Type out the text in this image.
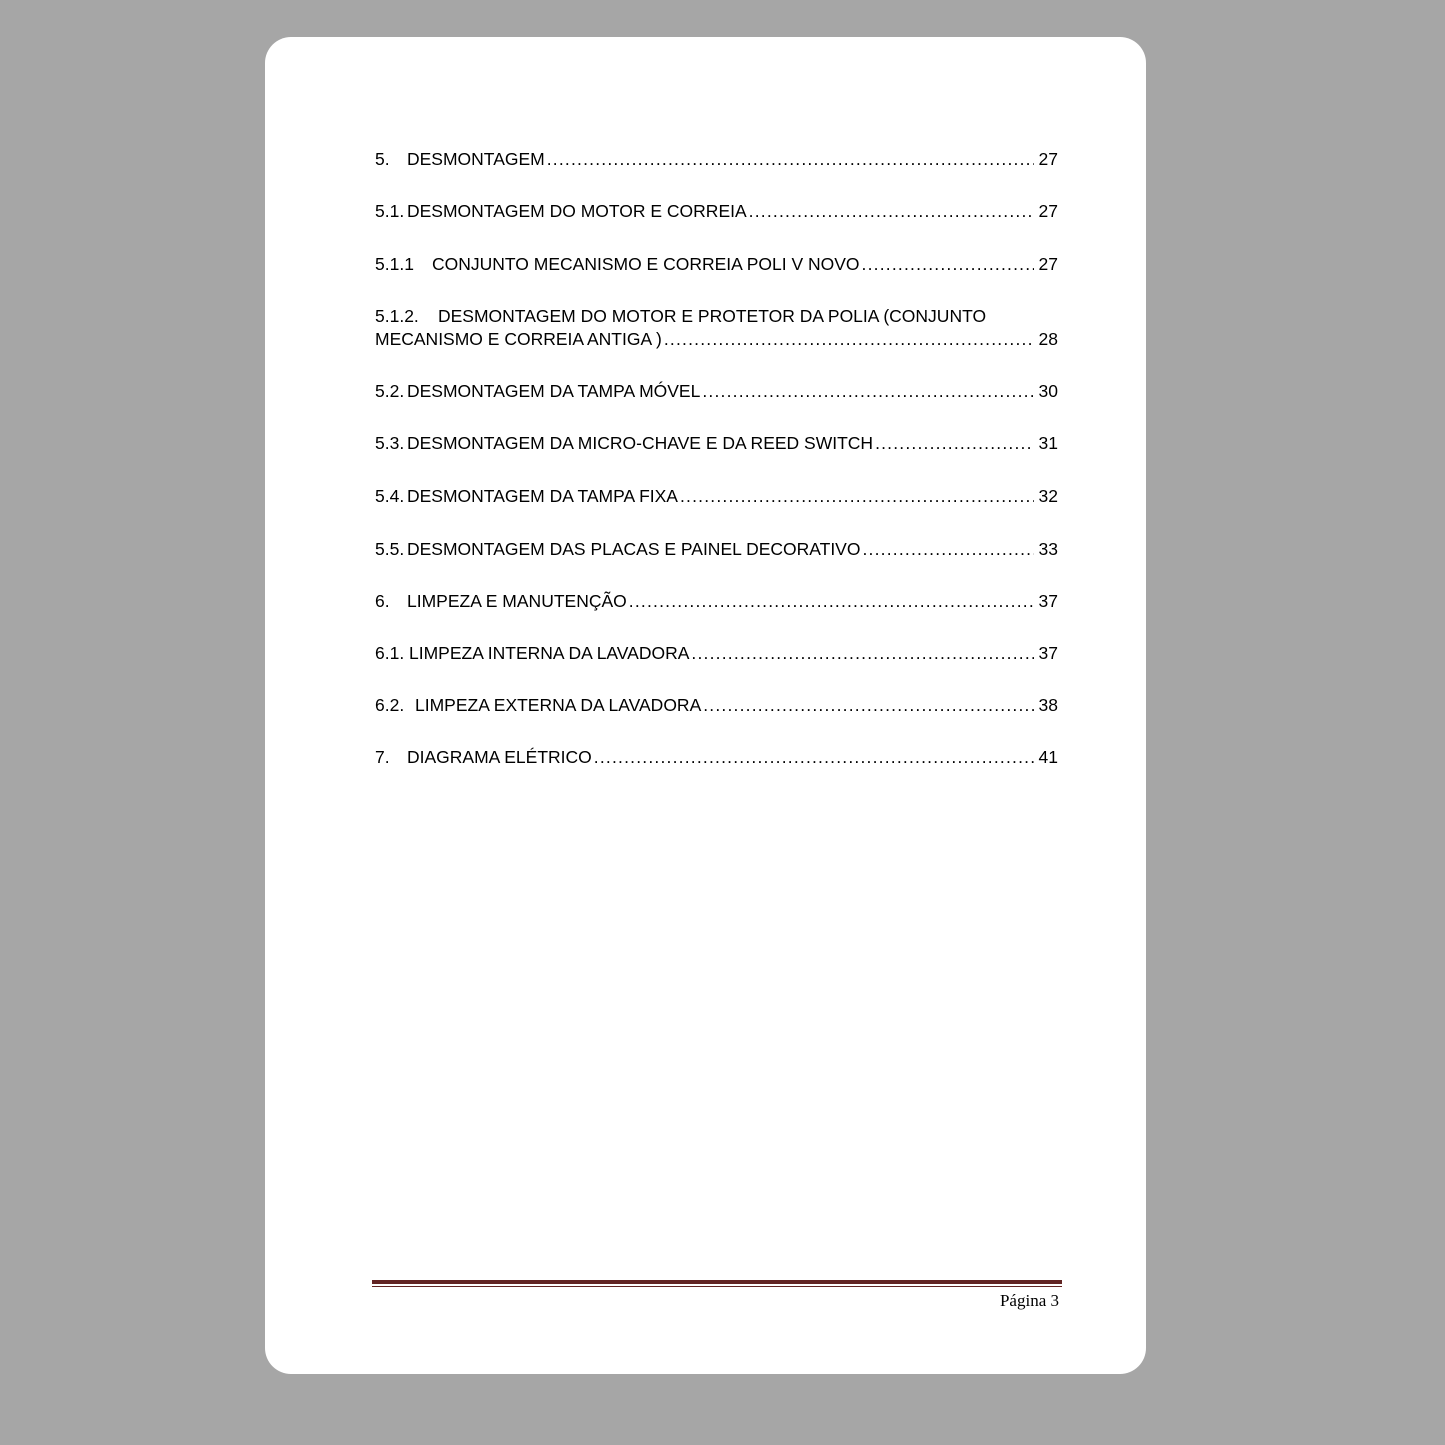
5. DESMONTAGEM .....	27
5.1. DESMONTAGEM DO MOTOR E CORREIA .....	27
5.1.1	CONJUNTO MECANISMO E CORREIA POLI V NOVO .....	27
5.1.2.	DESMONTAGEM DO MOTOR E PROTETOR DA POLIA (CONJUNTO
MECANISMO E CORREIA ANTIGA ) .....	28
5.2. DESMONTAGEM DA TAMPA MÓVEL .....	30
5.3. DESMONTAGEM DA MICRO-CHAVE E DA REED SWITCH .....	31
5.4. DESMONTAGEM DA TAMPA FIXA .....	32
5.5. DESMONTAGEM DAS PLACAS E PAINEL DECORATIVO .....	33
6. LIMPEZA E MANUTENÇÃO .....	37
6.1. LIMPEZA INTERNA DA LAVADORA .....	37
6.2. LIMPEZA EXTERNA DA LAVADORA .....	38
7. DIAGRAMA ELÉTRICO .....	41
Página 3
